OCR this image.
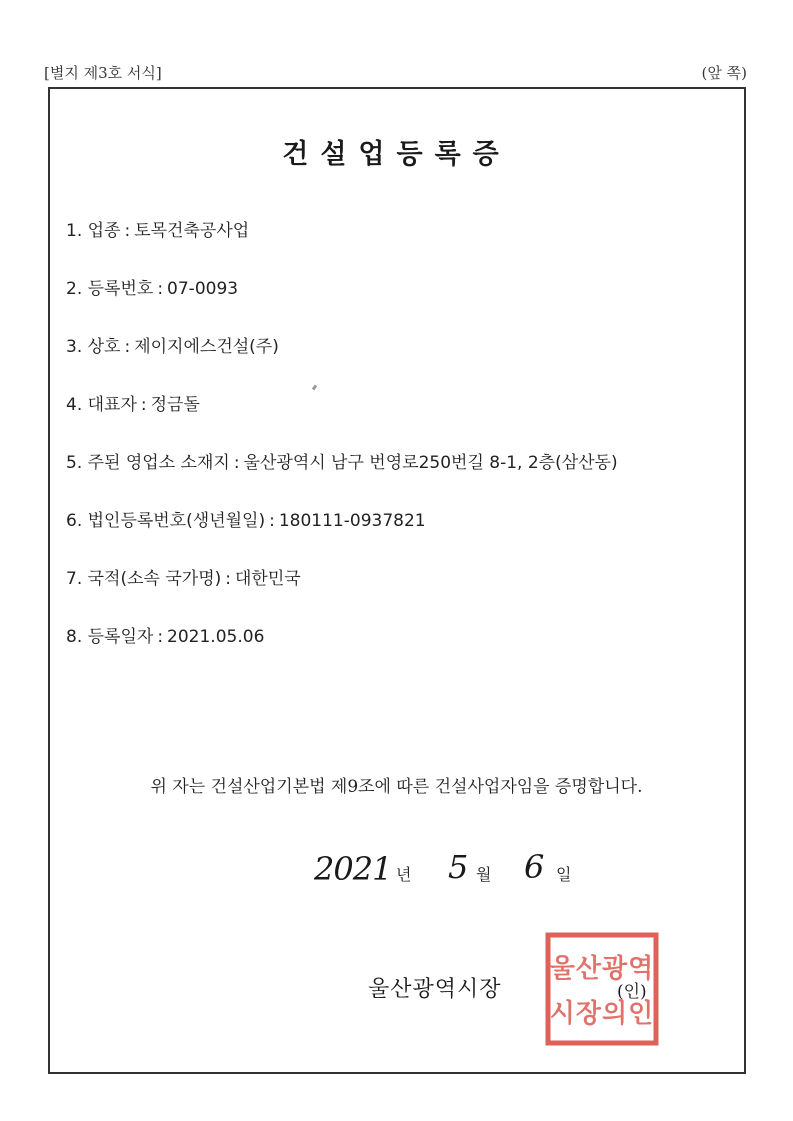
[별지 제3호 서식]	(앞 쪽)
건설업등록증
1. 업종 : 토목건축공사업
2. 등록번호 : 07-0093
3. 상호 : 제이지에스건설(주)
4. 대표자 : 정금돌
5. 주된 영업소 소재지 : 울산광역시 남구 번영로250번길 8-1, 2층(삼산동)
6. 법인등록번호(생년월일) : 180111-0937821
7. 국적(소속 국가명) : 대한민국
8. 등록일자 : 2021.05.06
위 자는 건설산업기본법 제9조에 따른 건설사업자임을 증명합니다.
2021 년 5 월 6 일
울산광역
시장의인
울산광역시장	(인)
